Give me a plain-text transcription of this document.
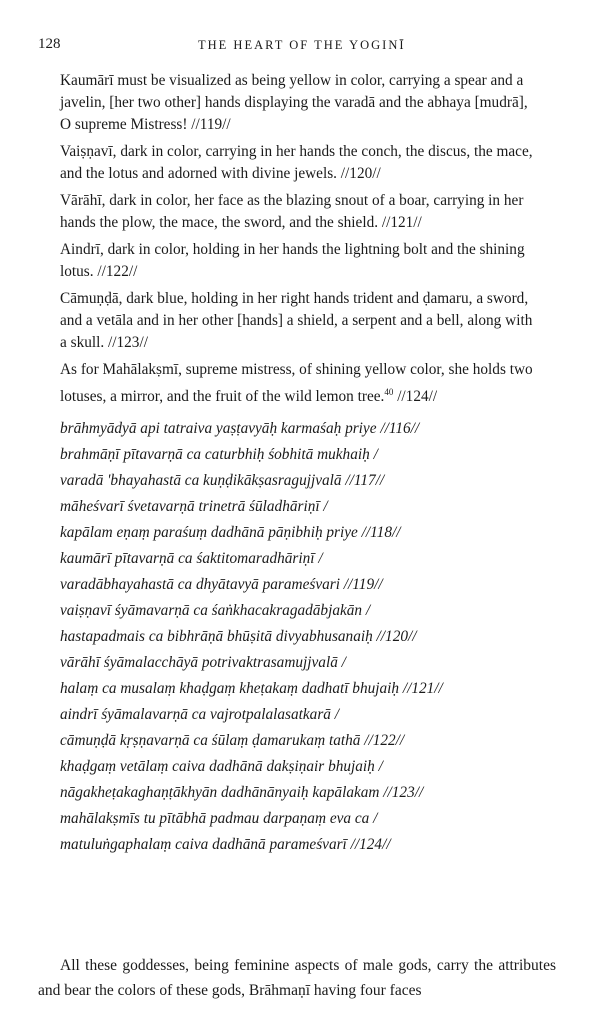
128	THE HEART OF THE YOGINĪ

Kaumārī must be visualized as being yellow in color, carrying a spear and a javelin, [her two other] hands displaying the varadā and the abhaya [mudrā], O supreme Mistress! //119//

Vaiṣṇavī, dark in color, carrying in her hands the conch, the discus, the mace, and the lotus and adorned with divine jewels. //120//

Vārāhī, dark in color, her face as the blazing snout of a boar, carrying in her hands the plow, the mace, the sword, and the shield. //121//

Aindrī, dark in color, holding in her hands the lightning bolt and the shining lotus. //122//

Cāmuṇḍā, dark blue, holding in her right hands trident and ḍamaru, a sword, and a vetāla and in her other [hands] a shield, a serpent and a bell, along with a skull. //123//

As for Mahālakṣmī, supreme mistress, of shining yellow color, she holds two lotuses, a mirror, and the fruit of the wild lemon tree.$^{40}$ //124//

brāhmyādyā api tatraiva yaṣṭavyāḥ karmaśaḥ priye //116//
brahmāṇī pītavarṇā ca caturbhiḥ śobhitā mukhaiḥ /
varadā 'bhayahastā ca kuṇḍikākṣasragujjvalā //117//
māheśvarī śvetavarṇā trinetrā śūladhāriṇī /
kapālam eṇaṃ paraśuṃ dadhānā pāṇibhiḥ priye //118//
kaumārī pītavarṇā ca śaktitomaradhāriṇī /
varadābhayahastā ca dhyātavyā parameśvari //119//
vaiṣṇavī śyāmavarṇā ca śaṅkhacakragadābjakān /
hastapadmais ca bibhrāṇā bhūṣitā divyabhusanaiḥ //120//
vārāhī śyāmalacchāyā potrivaktrasamujjvalā /
halaṃ ca musalaṃ khaḍgaṃ kheṭakaṃ dadhatī bhujaiḥ //121//
aindrī śyāmalavarṇā ca vajrotpalalasatkarā /
cāmuṇḍā kṛṣṇavarṇā ca śūlaṃ ḍamarukaṃ tathā //122//
khaḍgaṃ vetālaṃ caiva dadhānā dakṣiṇair bhujaiḥ /
nāgakheṭakaghaṇṭākhyān dadhānānyaiḥ kapālakam //123//
mahālakṣmīs tu pītābhā padmau darpaṇaṃ eva ca /
matuluṅgaphalaṃ caiva dadhānā parameśvarī //124//

All these goddesses, being feminine aspects of male gods, carry the attributes and bear the colors of these gods, Brāhmaṇī having four faces
